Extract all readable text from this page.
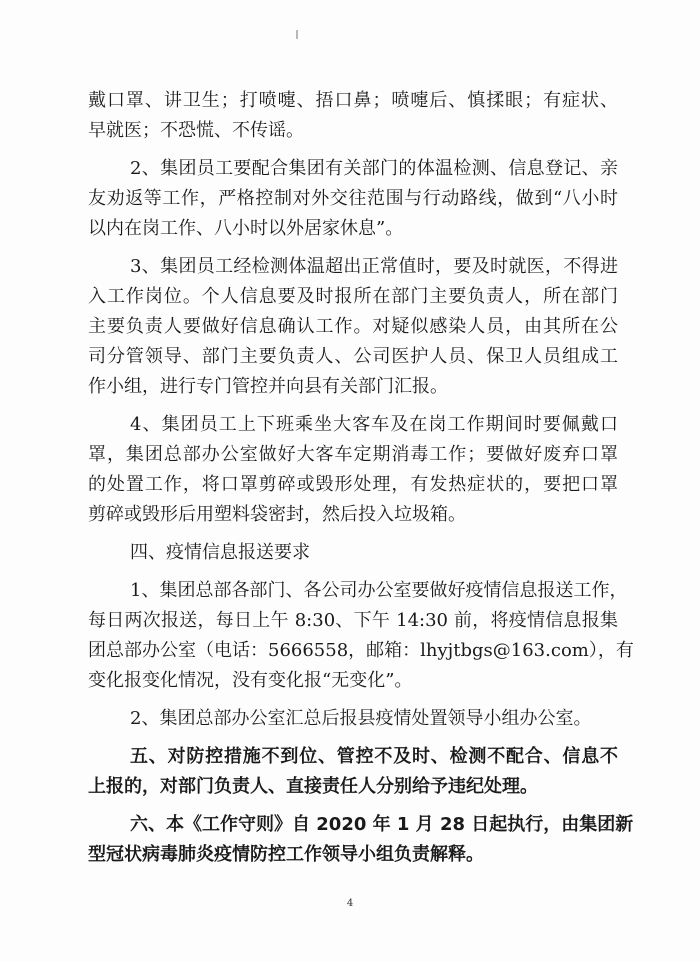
戴口罩、讲卫生；打喷嚏、捂口鼻；喷嚏后、慎揉眼；有症状、
早就医；不恐慌、不传谣。
2、集团员工要配合集团有关部门的体温检测、信息登记、亲
友劝返等工作，严格控制对外交往范围与行动路线，做到“八小时
以内在岗工作、八小时以外居家休息”。
3、集团员工经检测体温超出正常值时，要及时就医，不得进
入工作岗位。个人信息要及时报所在部门主要负责人，所在部门
主要负责人要做好信息确认工作。对疑似感染人员，由其所在公
司分管领导、部门主要负责人、公司医护人员、保卫人员组成工
作小组，进行专门管控并向县有关部门汇报。
4、集团员工上下班乘坐大客车及在岗工作期间时要佩戴口
罩，集团总部办公室做好大客车定期消毒工作；要做好废弃口罩
的处置工作，将口罩剪碎或毁形处理，有发热症状的，要把口罩
剪碎或毁形后用塑料袋密封，然后投入垃圾箱。
四、疫情信息报送要求
1、集团总部各部门、各公司办公室要做好疫情信息报送工作，
每日两次报送，每日上午 8:30、下午 14:30 前，将疫情信息报集
团总部办公室（电话：5666558，邮箱：lhyjtbgs@163.com），有
变化报变化情况，没有变化报“无变化”。
2、集团总部办公室汇总后报县疫情处置领导小组办公室。
五、对防控措施不到位、管控不及时、检测不配合、信息不
上报的，对部门负责人、直接责任人分别给予违纪处理。
六、本《工作守则》自 2020 年 1 月 28 日起执行，由集团新
型冠状病毒肺炎疫情防控工作领导小组负责解释。
4
